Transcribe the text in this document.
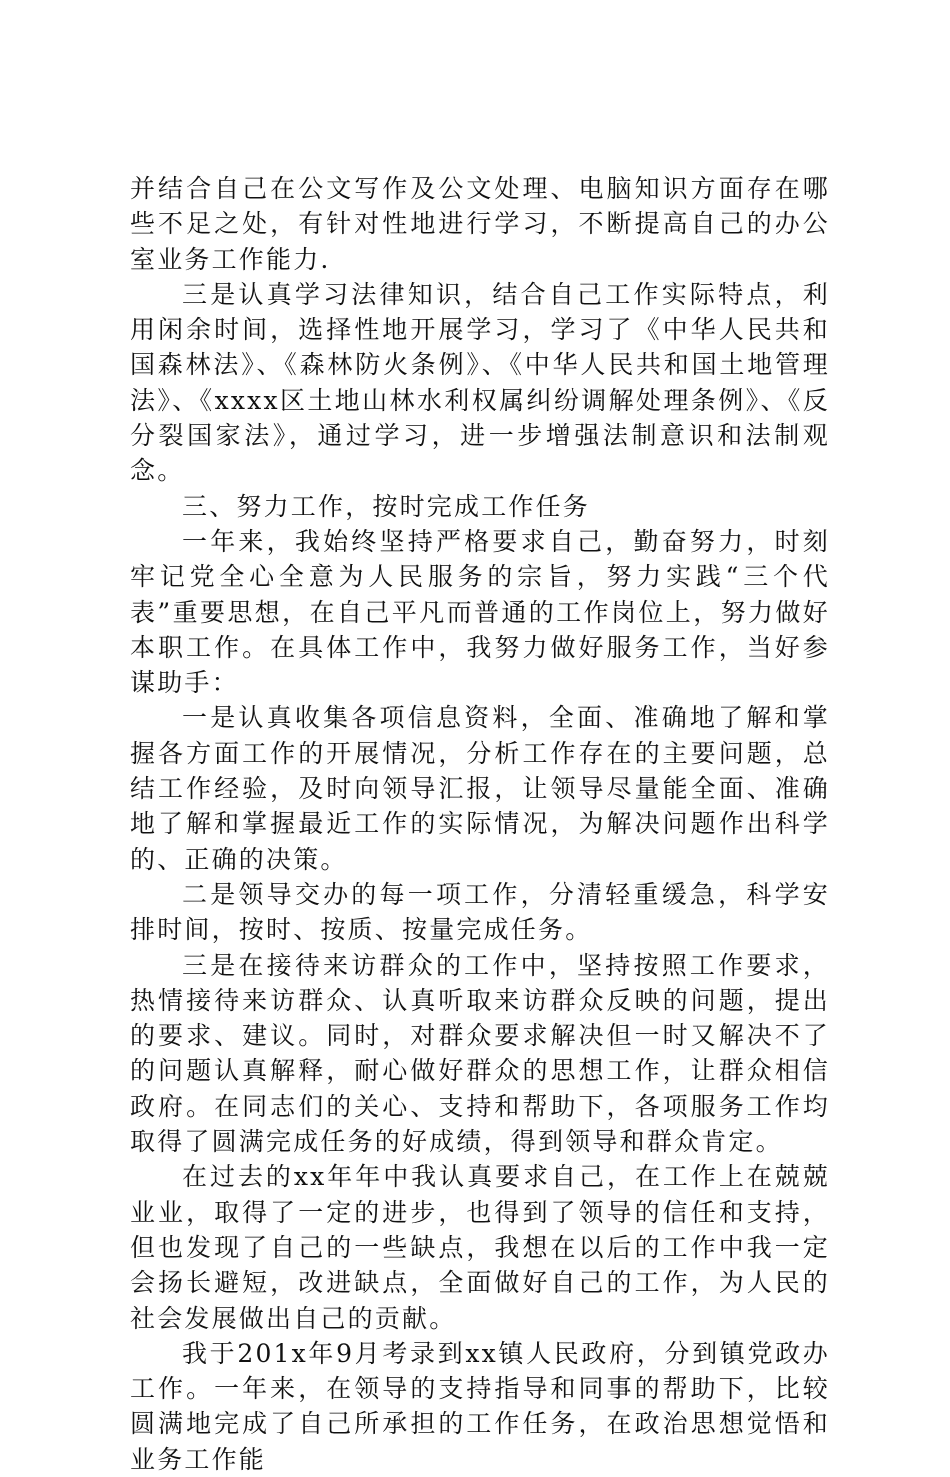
并结合自己在公文写作及公文处理、电脑知识方面存在哪些不足之处，有针对性地进行学习，不断提高自己的办公室业务工作能力.

三是认真学习法律知识，结合自己工作实际特点，利用闲余时间，选择性地开展学习，学习了《中华人民共和国森林法》、《森林防火条例》、《中华人民共和国土地管理法》、《xxxx区土地山林水利权属纠纷调解处理条例》、《反分裂国家法》，通过学习，进一步增强法制意识和法制观念。

三、努力工作，按时完成工作任务

一年来，我始终坚持严格要求自己，勤奋努力，时刻牢记党全心全意为人民服务的宗旨，努力实践“三个代表”重要思想，在自己平凡而普通的工作岗位上，努力做好本职工作。在具体工作中，我努力做好服务工作，当好参谋助手：

一是认真收集各项信息资料，全面、准确地了解和掌握各方面工作的开展情况，分析工作存在的主要问题，总结工作经验，及时向领导汇报，让领导尽量能全面、准确地了解和掌握最近工作的实际情况，为解决问题作出科学的、正确的决策。

二是领导交办的每一项工作，分清轻重缓急，科学安排时间，按时、按质、按量完成任务。

三是在接待来访群众的工作中，坚持按照工作要求，热情接待来访群众、认真听取来访群众反映的问题，提出的要求、建议。同时，对群众要求解决但一时又解决不了的问题认真解释，耐心做好群众的思想工作，让群众相信政府。在同志们的关心、支持和帮助下，各项服务工作均取得了圆满完成任务的好成绩，得到领导和群众肯定。

在过去的xx年年中我认真要求自己，在工作上在兢兢业业，取得了一定的进步，也得到了领导的信任和支持，但也发现了自己的一些缺点，我想在以后的工作中我一定会扬长避短，改进缺点，全面做好自己的工作，为人民的社会发展做出自己的贡献。

我于201x年9月考录到xx镇人民政府，分到镇党政办工作。一年来，在领导的支持指导和同事的帮助下，比较圆满地完成了自己所承担的工作任务，在政治思想觉悟和业务工作能
